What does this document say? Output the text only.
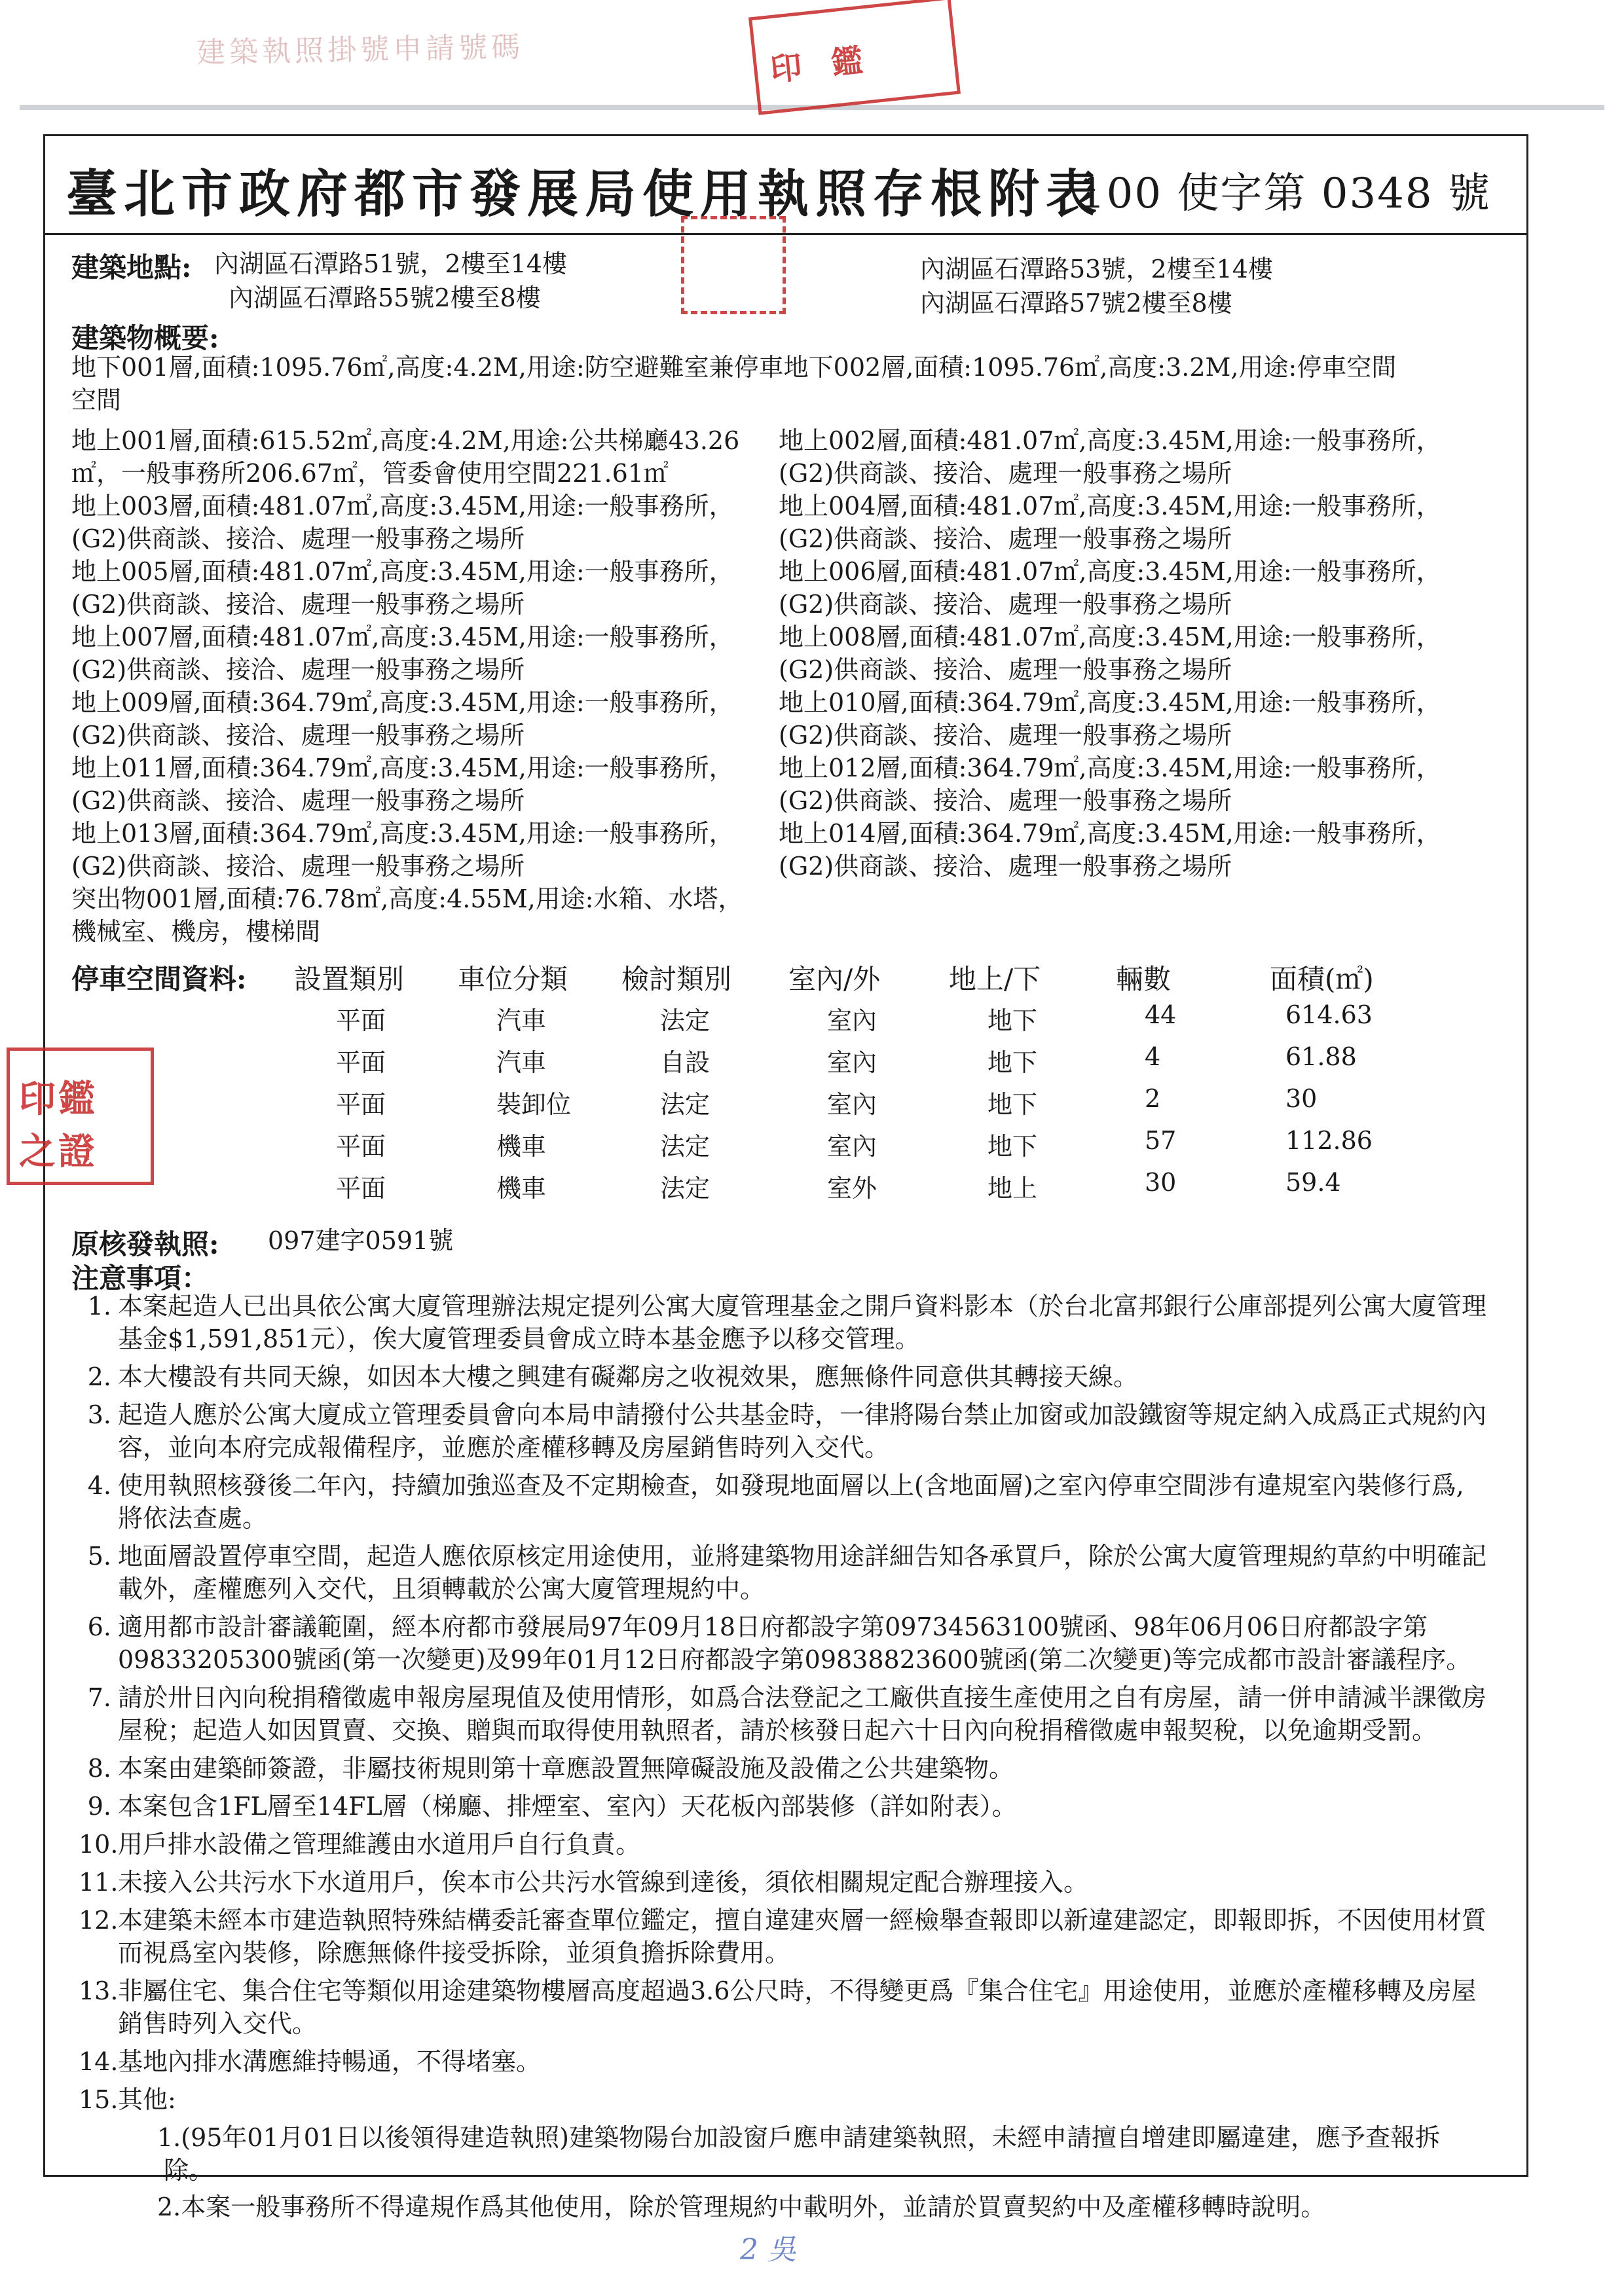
建築執照掛號申請號碼	印  鑑
臺北市政府都市發展局使用執照存根附表
100 使字第 0348 號
建築地點: 內湖區石潭路51號，2樓至14樓
內湖區石潭路55號2樓至8樓
內湖區石潭路53號，2樓至14樓
內湖區石潭路57號2樓至8樓
建築物概要:
地下001層,面積:1095.76㎡,高度:4.2M,用途:防空避難室兼停車地下002層,面積:1095.76㎡,高度:3.2M,用途:停車空間
空間
地上001層,面積:615.52㎡,高度:4.2M,用途:公共梯廳43.26㎡，一般事務所206.67㎡，管委會使用空間221.61㎡
地上003層,面積:481.07㎡,高度:3.45M,用途:一般事務所，(G2)供商談、接洽、處理一般事務之場所
地上005層,面積:481.07㎡,高度:3.45M,用途:一般事務所，(G2)供商談、接洽、處理一般事務之場所
地上007層,面積:481.07㎡,高度:3.45M,用途:一般事務所，(G2)供商談、接洽、處理一般事務之場所
地上009層,面積:364.79㎡,高度:3.45M,用途:一般事務所，(G2)供商談、接洽、處理一般事務之場所
地上011層,面積:364.79㎡,高度:3.45M,用途:一般事務所，(G2)供商談、接洽、處理一般事務之場所
地上013層,面積:364.79㎡,高度:3.45M,用途:一般事務所，(G2)供商談、接洽、處理一般事務之場所
突出物001層,面積:76.78㎡,高度:4.55M,用途:水箱、水塔，機械室、機房，樓梯間
地上002層,面積:481.07㎡,高度:3.45M,用途:一般事務所，(G2)供商談、接洽、處理一般事務之場所
地上004層,面積:481.07㎡,高度:3.45M,用途:一般事務所，(G2)供商談、接洽、處理一般事務之場所
地上006層,面積:481.07㎡,高度:3.45M,用途:一般事務所，(G2)供商談、接洽、處理一般事務之場所
地上008層,面積:481.07㎡,高度:3.45M,用途:一般事務所，(G2)供商談、接洽、處理一般事務之場所
地上010層,面積:364.79㎡,高度:3.45M,用途:一般事務所，(G2)供商談、接洽、處理一般事務之場所
地上012層,面積:364.79㎡,高度:3.45M,用途:一般事務所，(G2)供商談、接洽、處理一般事務之場所
地上014層,面積:364.79㎡,高度:3.45M,用途:一般事務所，(G2)供商談、接洽、處理一般事務之場所
停車空間資料: 設置類別 車位分類 檢討類別 室內/外 地上/下	輛數	面積(㎡)
平面	汽車	法定	室內	地下	44	614.63
平面	汽車	自設	室內	地下	4	61.88
平面	裝卸位	法定	室內	地下	2	30
平面	機車	法定	室內	地下	57	112.86
平面	機車	法定	室外	地上	30	59.4
原核發執照: 097建字0591號
注意事項：
1. 本案起造人已出具依公寓大廈管理辦法規定提列公寓大廈管理基金之開戶資料影本（於台北富邦銀行公庫部提列公寓大廈管理基金$1,591,851元），俟大廈管理委員會成立時本基金應予以移交管理。
2. 本大樓設有共同天線，如因本大樓之興建有礙鄰房之收視效果，應無條件同意供其轉接天線。
3. 起造人應於公寓大廈成立管理委員會向本局申請撥付公共基金時，一律將陽台禁止加窗或加設鐵窗等規定納入成爲正式規約內容，並向本府完成報備程序，並應於產權移轉及房屋銷售時列入交代。
4. 使用執照核發後二年內，持續加強巡查及不定期檢查，如發現地面層以上(含地面層)之室內停車空間涉有違規室內裝修行爲,將依法查處。
5. 地面層設置停車空間，起造人應依原核定用途使用，並將建築物用途詳細告知各承買戶，除於公寓大廈管理規約草約中明確記載外，產權應列入交代，且須轉載於公寓大廈管理規約中。
6. 適用都市設計審議範圍，經本府都市發展局97年09月18日府都設字第09734563100號函、98年06月06日府都設字第09833205300號函(第一次變更)及99年01月12日府都設字第09838823600號函(第二次變更)等完成都市設計審議程序。
7. 請於卅日內向稅捐稽徵處申報房屋現值及使用情形，如爲合法登記之工廠供直接生產使用之自有房屋，請一併申請減半課徵房屋稅；起造人如因買賣、交換、贈與而取得使用執照者，請於核發日起六十日內向稅捐稽徵處申報契稅，以免逾期受罰。
8. 本案由建築師簽證，非屬技術規則第十章應設置無障礙設施及設備之公共建築物。
9. 本案包含1FL層至14FL層（梯廳、排煙室、室內）天花板內部裝修（詳如附表）。
10. 用戶排水設備之管理維護由水道用戶自行負責。
11. 未接入公共污水下水道用戶，俟本市公共污水管線到達後，須依相關規定配合辦理接入。
12. 本建築未經本市建造執照特殊結構委託審查單位鑑定，擅自違建夾層一經檢舉查報即以新違建認定，即報即拆，不因使用材質而視爲室內裝修，除應無條件接受拆除，並須負擔拆除費用。
13. 非屬住宅、集合住宅等類似用途建築物樓層高度超過3.6公尺時，不得變更爲『集合住宅』用途使用，並應於產權移轉及房屋銷售時列入交代。
14. 基地內排水溝應維持暢通，不得堵塞。
15. 其他:
1.(95年01月01日以後領得建造執照)建築物陽台加設窗戶應申請建築執照，未經申請擅自增建即屬違建，應予查報拆除。
2.本案一般事務所不得違規作爲其他使用，除於管理規約中載明外，並請於買賣契約中及產權移轉時說明。
印鑑
之證
2 吳
